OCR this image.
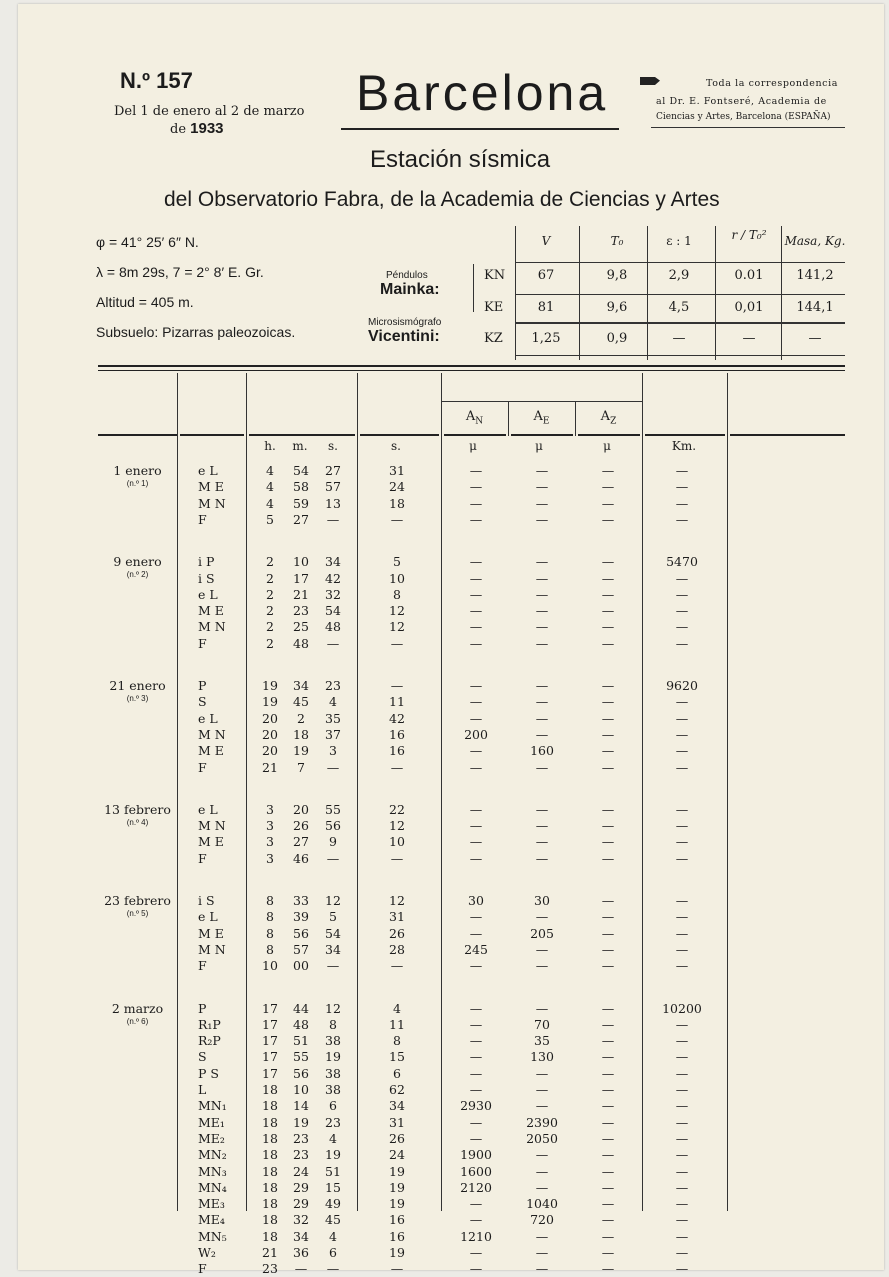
N.º 157
Del 1 de enero al 2 de marzo
de 1933
Barcelona	Toda la correspondencia
al Dr. E. Fontseré, Academia de
Ciencias y Artes, Barcelona (ESPAÑA)
Estación sísmica
del Observatorio Fabra, de la Academia de Ciencias y Artes
φ = 41° 25′ 6″ N.
λ = 8m 29s, 7 = 2° 8′ E. Gr.
Altitud = 405 m.
Subsuelo: Pizarras paleozoicas.
Péndulos
Mainka:
Microsismógrafo
Vicentini:
V	T₀	ε : 1	r / T₀²	Masa, Kg.
KN	67	9,8	2,9	0.01	141,2
KE	81	9,6	4,5	0,01	144,1
KZ	1,25	0,9	—	—	—
$A_N$	$A_E$	$A_Z$
h.	m.	s.	s.	μ	μ	μ	Km.
1 enero
(n.º 1)
e L	4	54	27	31	—	—	—	—
M E	4	58	57	24	—	—	—	—
M N	4	59	13	18	—	—	—	—
F	5	27	—	—	—	—	—	—
9 enero
(n.º 2)
i P	2	10	34	5	—	—	—	5470
i S	2	17	42	10	—	—	—	—
e L	2	21	32	8	—	—	—	—
M E	2	23	54	12	—	—	—	—
M N	2	25	48	12	—	—	—	—
F	2	48	—	—	—	—	—	—
21 enero
(n.º 3)
P	19	34	23	—	—	—	—	9620
S	19	45	4	11	—	—	—	—
e L	20	2	35	42	—	—	—	—
M N	20	18	37	16	200	—	—	—
M E	20	19	3	16	—	160	—	—
F	21	7	—	—	—	—	—	—
13 febrero
(n.º 4)
e L	3	20	55	22	—	—	—	—
M N	3	26	56	12	—	—	—	—
M E	3	27	9	10	—	—	—	—
F	3	46	—	—	—	—	—	—
23 febrero
(n.º 5)
i S	8	33	12	12	30	30	—	—
e L	8	39	5	31	—	—	—	—
M E	8	56	54	26	—	205	—	—
M N	8	57	34	28	245	—	—	—
F	10	00	—	—	—	—	—	—
2 marzo
(n.º 6)
P	17	44	12	4	—	—	—	10200
R₁P	17	48	8	11	—	70	—	—
R₂P	17	51	38	8	—	35	—	—
S	17	55	19	15	—	130	—	—
P S	17	56	38	6	—	—	—	—
L	18	10	38	62	—	—	—	—
MN₁	18	14	6	34	2930	—	—	—
ME₁	18	19	23	31	—	2390	—	—
ME₂	18	23	4	26	—	2050	—	—
MN₂	18	23	19	24	1900	—	—	—
MN₃	18	24	51	19	1600	—	—	—
MN₄	18	29	15	19	2120	—	—	—
ME₃	18	29	49	19	—	1040	—	—
ME₄	18	32	45	16	—	720	—	—
MN₅	18	34	4	16	1210	—	—	—
W₂	21	36	6	19	—	—	—	—
F	23	—	—	—	—	—	—	—
